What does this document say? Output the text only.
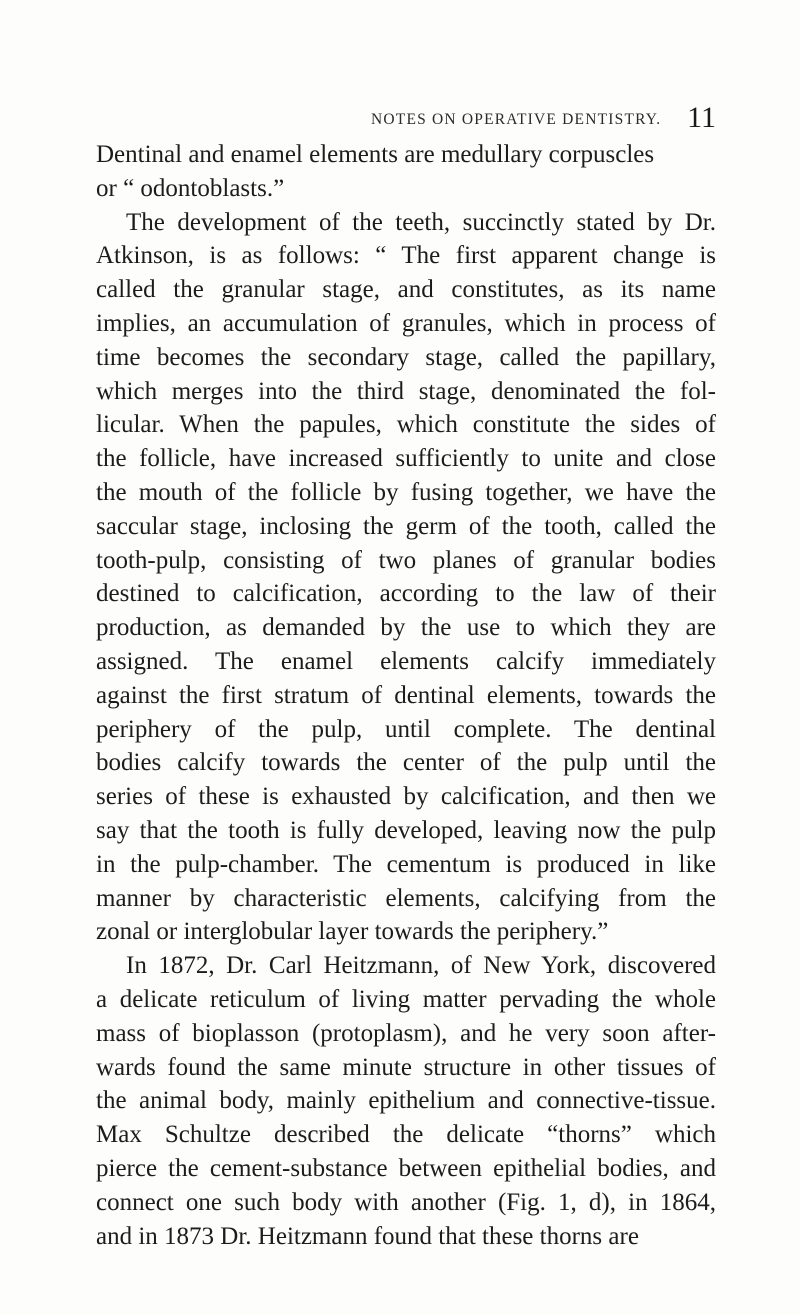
NOTES ON OPERATIVE DENTISTRY. 11
Dentinal and enamel elements are medullary corpuscles
or “ odontoblasts.”
The development of the teeth, succinctly stated by Dr.
Atkinson, is as follows: “ The first apparent change is
called the granular stage, and constitutes, as its name
implies, an accumulation of granules, which in process of
time becomes the secondary stage, called the papillary,
which merges into the third stage, denominated the fol-
licular. When the papules, which constitute the sides of
the follicle, have increased sufficiently to unite and close
the mouth of the follicle by fusing together, we have the
saccular stage, inclosing the germ of the tooth, called the
tooth-pulp, consisting of two planes of granular bodies
destined to calcification, according to the law of their
production, as demanded by the use to which they are
assigned. The enamel elements calcify immediately
against the first stratum of dentinal elements, towards the
periphery of the pulp, until complete. The dentinal
bodies calcify towards the center of the pulp until the
series of these is exhausted by calcification, and then we
say that the tooth is fully developed, leaving now the pulp
in the pulp-chamber. The cementum is produced in like
manner by characteristic elements, calcifying from the
zonal or interglobular layer towards the periphery.”
In 1872, Dr. Carl Heitzmann, of New York, discovered
a delicate reticulum of living matter pervading the whole
mass of bioplasson (protoplasm), and he very soon after-
wards found the same minute structure in other tissues of
the animal body, mainly epithelium and connective-tissue.
Max Schultze described the delicate “thorns” which
pierce the cement-substance between epithelial bodies, and
connect one such body with another (Fig. 1, d), in 1864,
and in 1873 Dr. Heitzmann found that these thorns are
